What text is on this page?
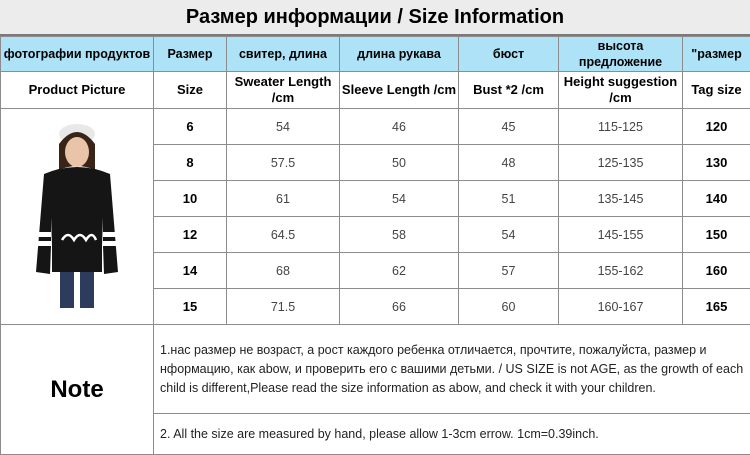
Размер информации / Size Information
фотографии продуктов	Размер	свитер, длина	длина рукава	бюст	высота предложение	"размер
Product Picture	Size	Sweater Length /cm	Sleeve Length /cm	Bust *2 /cm	Height suggestion /cm	Tag size

	6	54	46	45	115-125	120
	8	57.5	50	48	125-135	130
	10	61	54	51	135-145	140
	12	64.5	58	54	145-155	150
	14	68	62	57	155-162	160
	15	71.5	66	60	160-167	165
Note	1.нас размер не возраст, а рост каждого ребенка отличается, прочтите, пожалуйста, размер и нформацию, как abow, и проверить его с вашими детьми. / US SIZE is not AGE, as the growth of each child is different,Please read the size information as abow, and check it with your children.					
	2. All the size are measured by hand, please allow 1-3cm errow. 1cm=0.39inch.					
